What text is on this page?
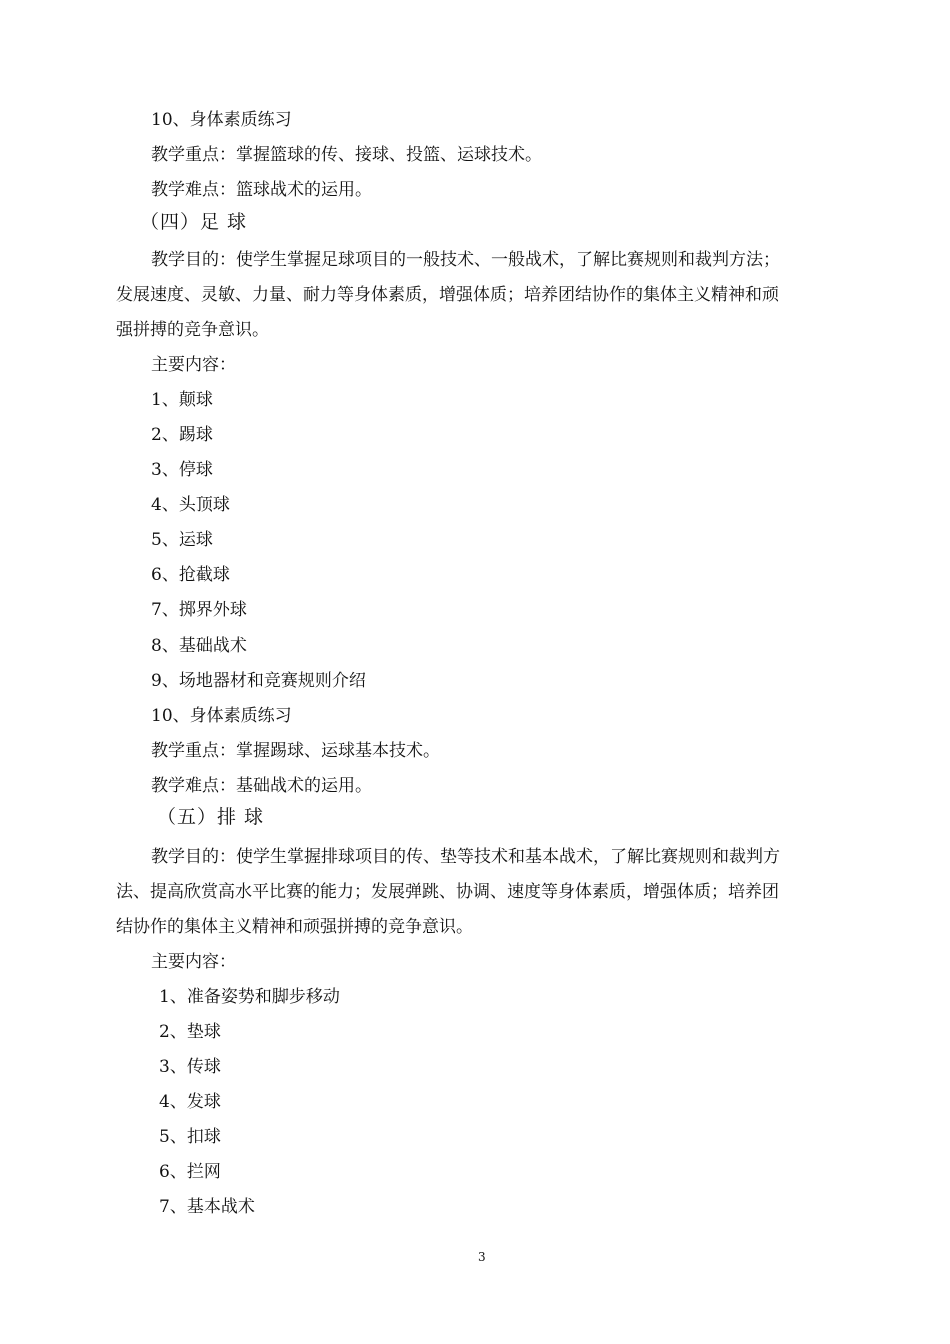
10、身体素质练习
教学重点：掌握篮球的传、接球、投篮、运球技术。
教学难点：篮球战术的运用。
（四）足 球
教学目的：使学生掌握足球项目的一般技术、一般战术，了解比赛规则和裁判方法；
发展速度、灵敏、力量、耐力等身体素质，增强体质；培养团结协作的集体主义精神和顽
强拼搏的竞争意识。
主要内容：
1、颠球
2、踢球
3、停球
4、头顶球
5、运球
6、抢截球
7、掷界外球
8、基础战术
9、场地器材和竞赛规则介绍
10、身体素质练习
教学重点：掌握踢球、运球基本技术。
教学难点：基础战术的运用。
（五）排 球
教学目的：使学生掌握排球项目的传、垫等技术和基本战术，了解比赛规则和裁判方
法、提高欣赏高水平比赛的能力；发展弹跳、协调、速度等身体素质，增强体质；培养团
结协作的集体主义精神和顽强拼搏的竞争意识。
主要内容：
1、准备姿势和脚步移动
2、垫球
3、传球
4、发球
5、扣球
6、拦网
7、基本战术
3
